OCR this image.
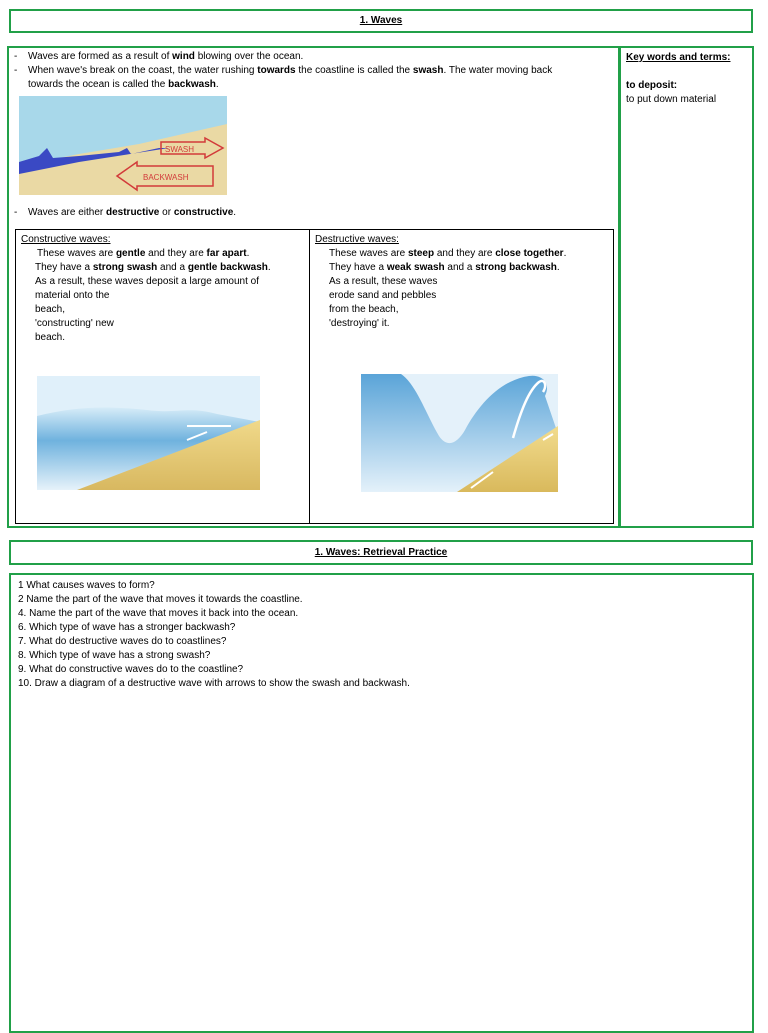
1. Waves
- Waves are formed as a result of wind blowing over the ocean.
- When wave's break on the coast, the water rushing towards the coastline is called the swash. The water moving back
towards the ocean is called the backwash.
SWASH
BACKWASH
- Waves are either destructive or constructive.
Constructive waves:
These waves are gentle and they are far apart.
They have a strong swash and a gentle backwash.
As a result, these waves deposit a large amount of
material onto the
beach,
'constructing' new
beach.
Destructive waves:
These waves are steep and they are close together.
They have a weak swash and a strong backwash.
As a result, these waves
erode sand and pebbles
from the beach,
'destroying' it.
Key words and terms:
to deposit:
to put down material
1. Waves: Retrieval Practice
1 What causes waves to form?
2 Name the part of the wave that moves it towards the coastline.
4. Name the part of the wave that moves it back into the ocean.
6. Which type of wave has a stronger backwash?
7. What do destructive waves do to coastlines?
8. Which type of wave has a strong swash?
9. What do constructive waves do to the coastline?
10. Draw a diagram of a destructive wave with arrows to show the swash and backwash.
